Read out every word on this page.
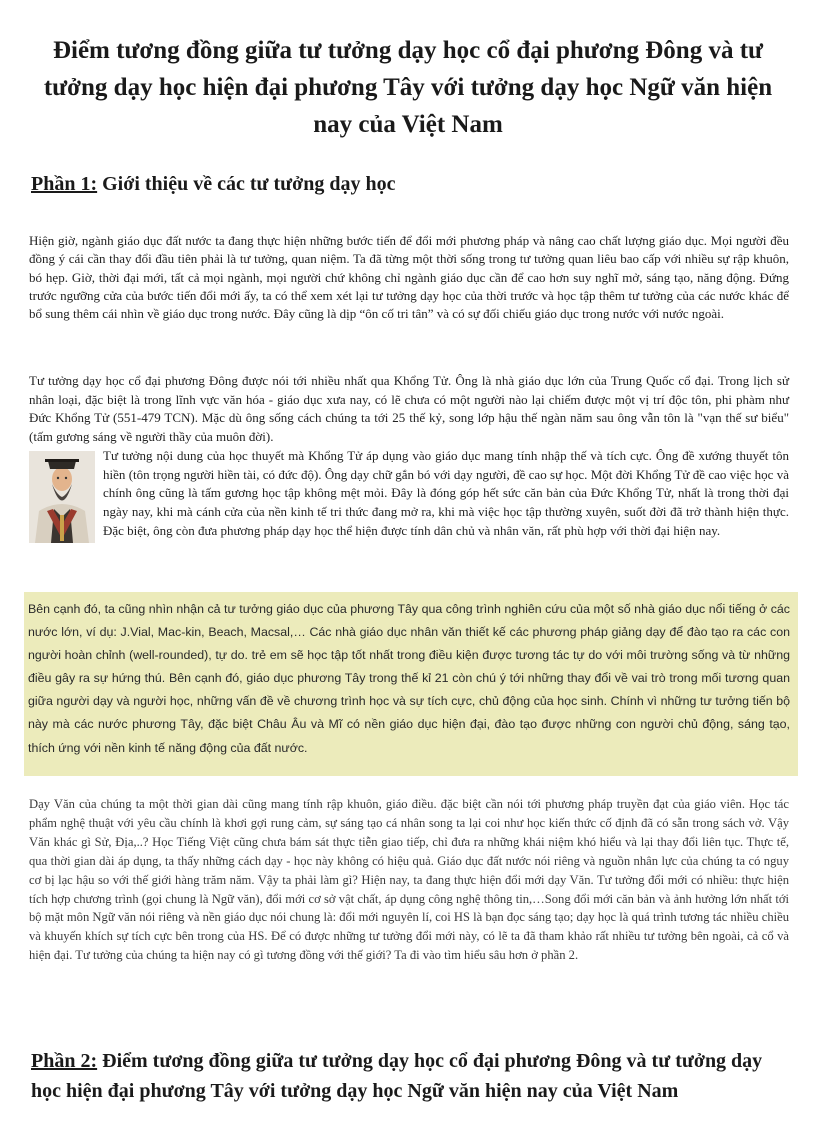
Điểm tương đồng giữa tư tưởng dạy học cổ đại phương Đông và tư tưởng dạy học hiện đại phương Tây với tưởng dạy học Ngữ văn hiện nay của Việt Nam
Phần 1: Giới thiệu về các tư tưởng dạy học

Hiện giờ, ngành giáo dục đất nước ta đang thực hiện những bước tiến để đổi mới phương pháp và nâng cao chất lượng giáo dục. Mọi người đều đồng ý cái cần thay đổi đầu tiên phải là tư tưởng, quan niệm. Ta đã từng một thời sống trong tư tưởng quan liêu bao cấp với nhiều sự rập khuôn, bó hẹp. Giờ, thời đại mới, tất cả mọi ngành, mọi người chứ không chỉ ngành giáo dục cần để cao hơn suy nghĩ mở, sáng tạo, năng động. Đứng trước ngưỡng cửa của bước tiến đổi mới ấy, ta có thể xem xét lại tư tưởng dạy học của thời trước và học tập thêm tư tưởng của các nước khác để bổ sung thêm cái nhìn về giáo dục trong nước. Đây cũng là dịp “ôn cố tri tân” và có sự đối chiếu giáo dục trong nước với nước ngoài.

Tư tưởng dạy học cổ đại phương Đông được nói tới nhiều nhất qua Khổng Tử. Ông là nhà giáo dục lớn của Trung Quốc cổ đại. Trong lịch sử nhân loại, đặc biệt là trong lĩnh vực văn hóa - giáo dục xưa nay, có lẽ chưa có một người nào lại chiếm được một vị trí độc tôn, phi phàm như Đức Khổng Tử (551-479 TCN). Mặc dù ông sống cách chúng ta tới 25 thế kỷ, song lớp hậu thế ngàn năm sau ông vẫn tôn là "vạn thế sư biểu" (tấm gương sáng về người thầy của muôn đời).

Tư tưởng nội dung của học thuyết mà Khổng Tử áp dụng vào giáo dục mang tính nhập thế và tích cực. Ông đề xướng thuyết tôn hiền (tôn trọng người hiền tài, có đức độ). Ông dạy chữ gắn bó với dạy người, đề cao sự học. Một đời Khổng Tử đề cao việc học và chính ông cũng là tấm gương học tập không mệt mỏi. Đây là đóng góp hết sức căn bản của Đức Khổng Tử, nhất là trong thời đại ngày nay, khi mà cánh cửa của nền kinh tế tri thức đang mở ra, khi mà việc học tập thường xuyên, suốt đời đã trở thành hiện thực. Đặc biệt, ông còn đưa phương pháp dạy học thể hiện được tính dân chủ và nhân văn, rất phù hợp với thời đại hiện nay.

Bên cạnh đó, ta cũng nhìn nhận cả tư tưởng giáo dục của phương Tây qua công trình nghiên cứu của một số nhà giáo dục nổi tiếng ở các nước lớn, ví dụ: J.Vial, Mac-kin, Beach, Macsal,… Các nhà giáo dục nhân văn thiết kế các phương pháp giảng dạy để đào tạo ra các con người hoàn chỉnh (well-rounded), tự do. trẻ em sẽ học tập tốt nhất trong điều kiện được tương tác tự do với môi trường sống và từ những điều gây ra sự hứng thú. Bên cạnh đó, giáo dục phương Tây trong thế kỉ 21 còn chú ý tới những thay đổi về vai trò trong mối tương quan giữa người dạy và người học, những vấn đề về chương trình học và sự tích cực, chủ động của học sinh. Chính vì những tư tưởng tiến bộ này mà các nước phương Tây, đặc biệt Châu Âu và Mĩ có nền giáo dục hiện đại, đào tạo được những con người chủ động, sáng tạo, thích ứng với nền kinh tế năng động của đất nước.

Dạy Văn của chúng ta một thời gian dài cũng mang tính rập khuôn, giáo điều. đặc biệt cần nói tới phương pháp truyền đạt của giáo viên. Học tác phẩm nghệ thuật với yêu cầu chính là khơi gợi rung cảm, sự sáng tạo cá nhân song ta lại coi như học kiến thức cố định đã có sẵn trong sách vở. Vậy Văn khác gì Sử, Địa,..? Học Tiếng Việt cũng chưa bám sát thực tiễn giao tiếp, chỉ đưa ra những khái niệm khó hiểu và lại thay đổi liên tục. Thực tế, qua thời gian dài áp dụng, ta thấy những cách dạy - học này không có hiệu quả. Giáo dục đất nước nói riêng và nguồn nhân lực của chúng ta có nguy cơ bị lạc hậu so với thế giới hàng trăm năm. Vậy ta phải làm gì? Hiện nay, ta đang thực hiện đổi mới dạy Văn. Tư tưởng đổi mới có nhiều: thực hiện tích hợp chương trình (gọi chung là Ngữ văn), đổi mới cơ sở vật chất, áp dụng công nghệ thông tin,…Song đổi mới căn bản và ảnh hưởng lớn nhất tới bộ mặt môn Ngữ văn nói riêng và nền giáo dục nói chung là: đổi mới nguyên lí, coi HS là bạn đọc sáng tạo; dạy học là quá trình tương tác nhiều chiều và khuyến khích sự tích cực bên trong của HS. Để có được những tư tưởng đổi mới này, có lẽ ta đã tham khảo rất nhiều tư tưởng bên ngoài, cả cổ và hiện đại. Tư tưởng của chúng ta hiện nay có gì tương đồng với thế giới? Ta đi vào tìm hiểu sâu hơn ở phần 2.

Phần 2: Điểm tương đồng giữa tư tưởng dạy học cổ đại phương Đông và tư tưởng dạy học hiện đại phương Tây với tưởng dạy học Ngữ văn hiện nay của Việt Nam
